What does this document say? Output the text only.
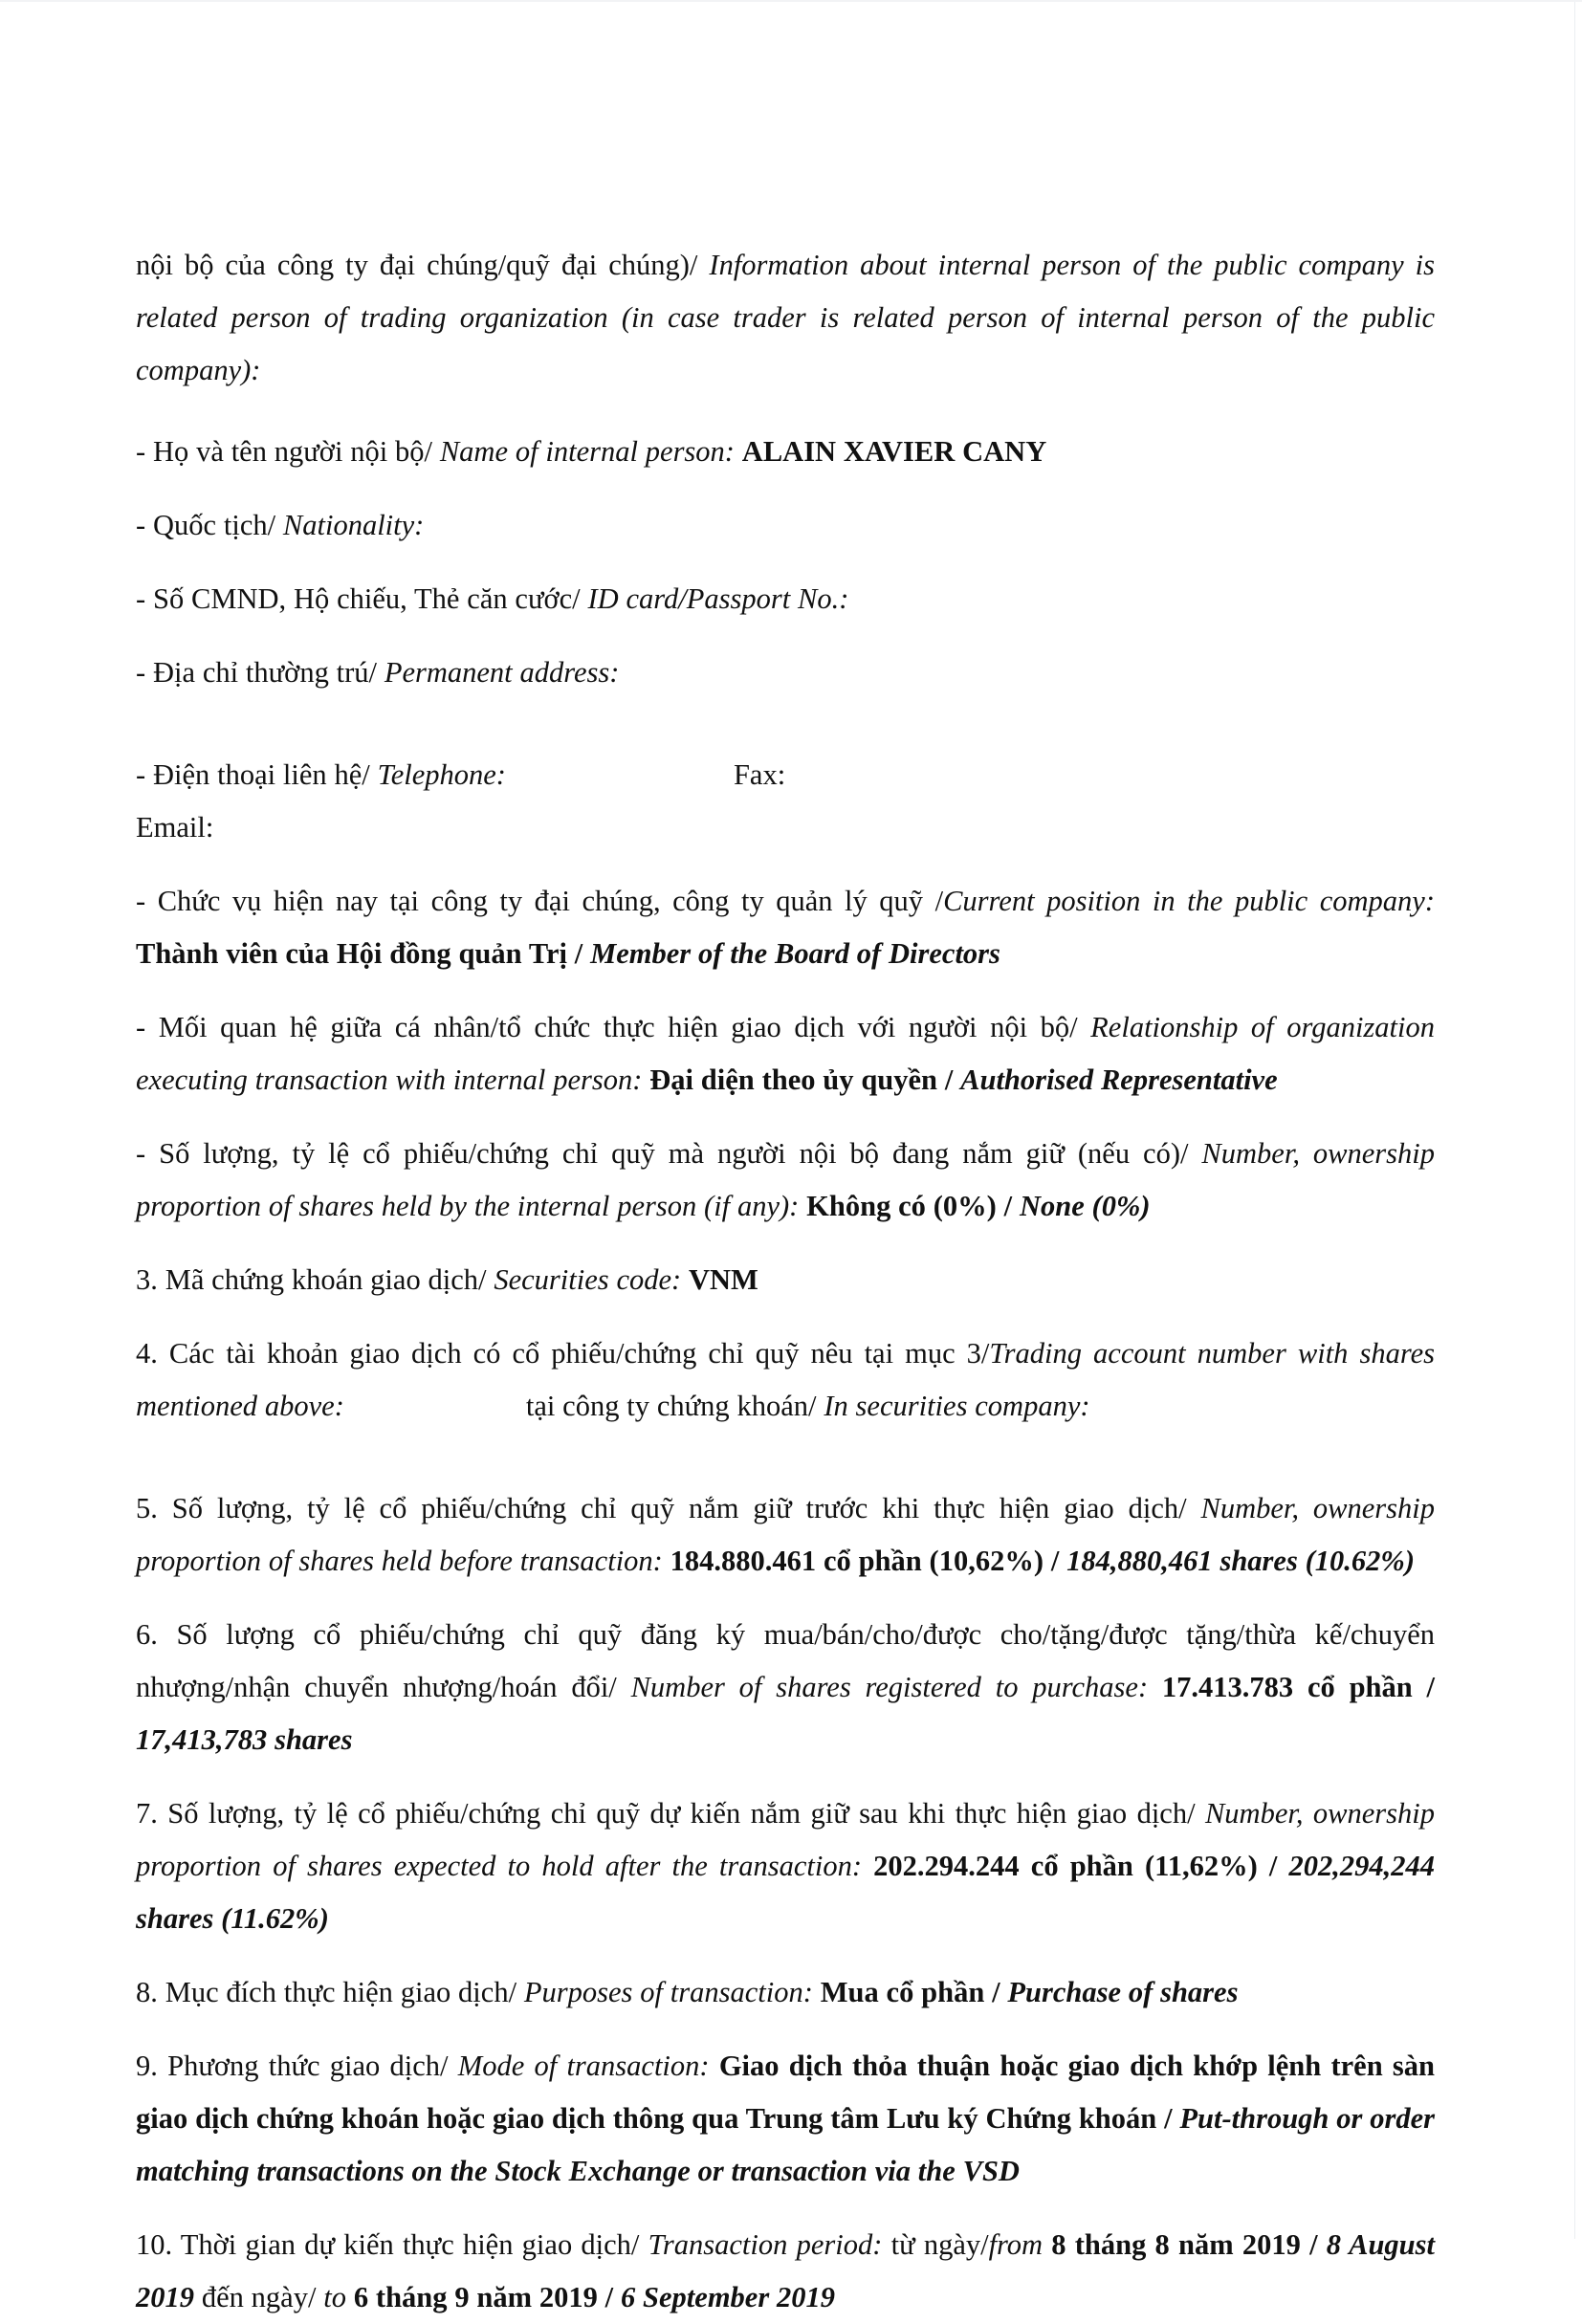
nội bộ của công ty đại chúng/quỹ đại chúng)/ Information about internal person of the public company is related person of trading organization (in case trader is related person of internal person of the public company):

- Họ và tên người nội bộ/ Name of internal person: ALAIN XAVIER CANY

- Quốc tịch/ Nationality:

- Số CMND, Hộ chiếu, Thẻ căn cước/ ID card/Passport No.:

- Địa chỉ thường trú/ Permanent address:

- Điện thoại liên hệ/ Telephone:	Fax:

Email:

- Chức vụ hiện nay tại công ty đại chúng, công ty quản lý quỹ /Current position in the public company: Thành viên của Hội đồng quản Trị / Member of the Board of Directors

- Mối quan hệ giữa cá nhân/tổ chức thực hiện giao dịch với người nội bộ/ Relationship of organization executing transaction with internal person: Đại diện theo ủy quyền / Authorised Representative

- Số lượng, tỷ lệ cổ phiếu/chứng chỉ quỹ mà người nội bộ đang nắm giữ (nếu có)/ Number, ownership proportion of shares held by the internal person (if any): Không có (0%) / None (0%)

3. Mã chứng khoán giao dịch/ Securities code: VNM

4. Các tài khoản giao dịch có cổ phiếu/chứng chỉ quỹ nêu tại mục 3/Trading account number with shares mentioned above:	tại công ty chứng khoán/ In securities company:

5. Số lượng, tỷ lệ cổ phiếu/chứng chỉ quỹ nắm giữ trước khi thực hiện giao dịch/ Number, ownership proportion of shares held before transaction: 184.880.461 cổ phần (10,62%) / 184,880,461 shares (10.62%)

6. Số lượng cổ phiếu/chứng chỉ quỹ đăng ký mua/bán/cho/được cho/tặng/được tặng/thừa kế/chuyển nhượng/nhận chuyển nhượng/hoán đổi/ Number of shares registered to purchase: 17.413.783 cổ phần / 17,413,783 shares

7. Số lượng, tỷ lệ cổ phiếu/chứng chỉ quỹ dự kiến nắm giữ sau khi thực hiện giao dịch/ Number, ownership proportion of shares expected to hold after the transaction: 202.294.244 cổ phần (11,62%) / 202,294,244 shares (11.62%)

8. Mục đích thực hiện giao dịch/ Purposes of transaction: Mua cổ phần / Purchase of shares

9. Phương thức giao dịch/ Mode of transaction: Giao dịch thỏa thuận hoặc giao dịch khớp lệnh trên sàn giao dịch chứng khoán hoặc giao dịch thông qua Trung tâm Lưu ký Chứng khoán / Put-through or order matching transactions on the Stock Exchange or transaction via the VSD

10. Thời gian dự kiến thực hiện giao dịch/ Transaction period: từ ngày/from 8 tháng 8 năm 2019 / 8 August 2019 đến ngày/ to 6 tháng 9 năm 2019 / 6 September 2019
